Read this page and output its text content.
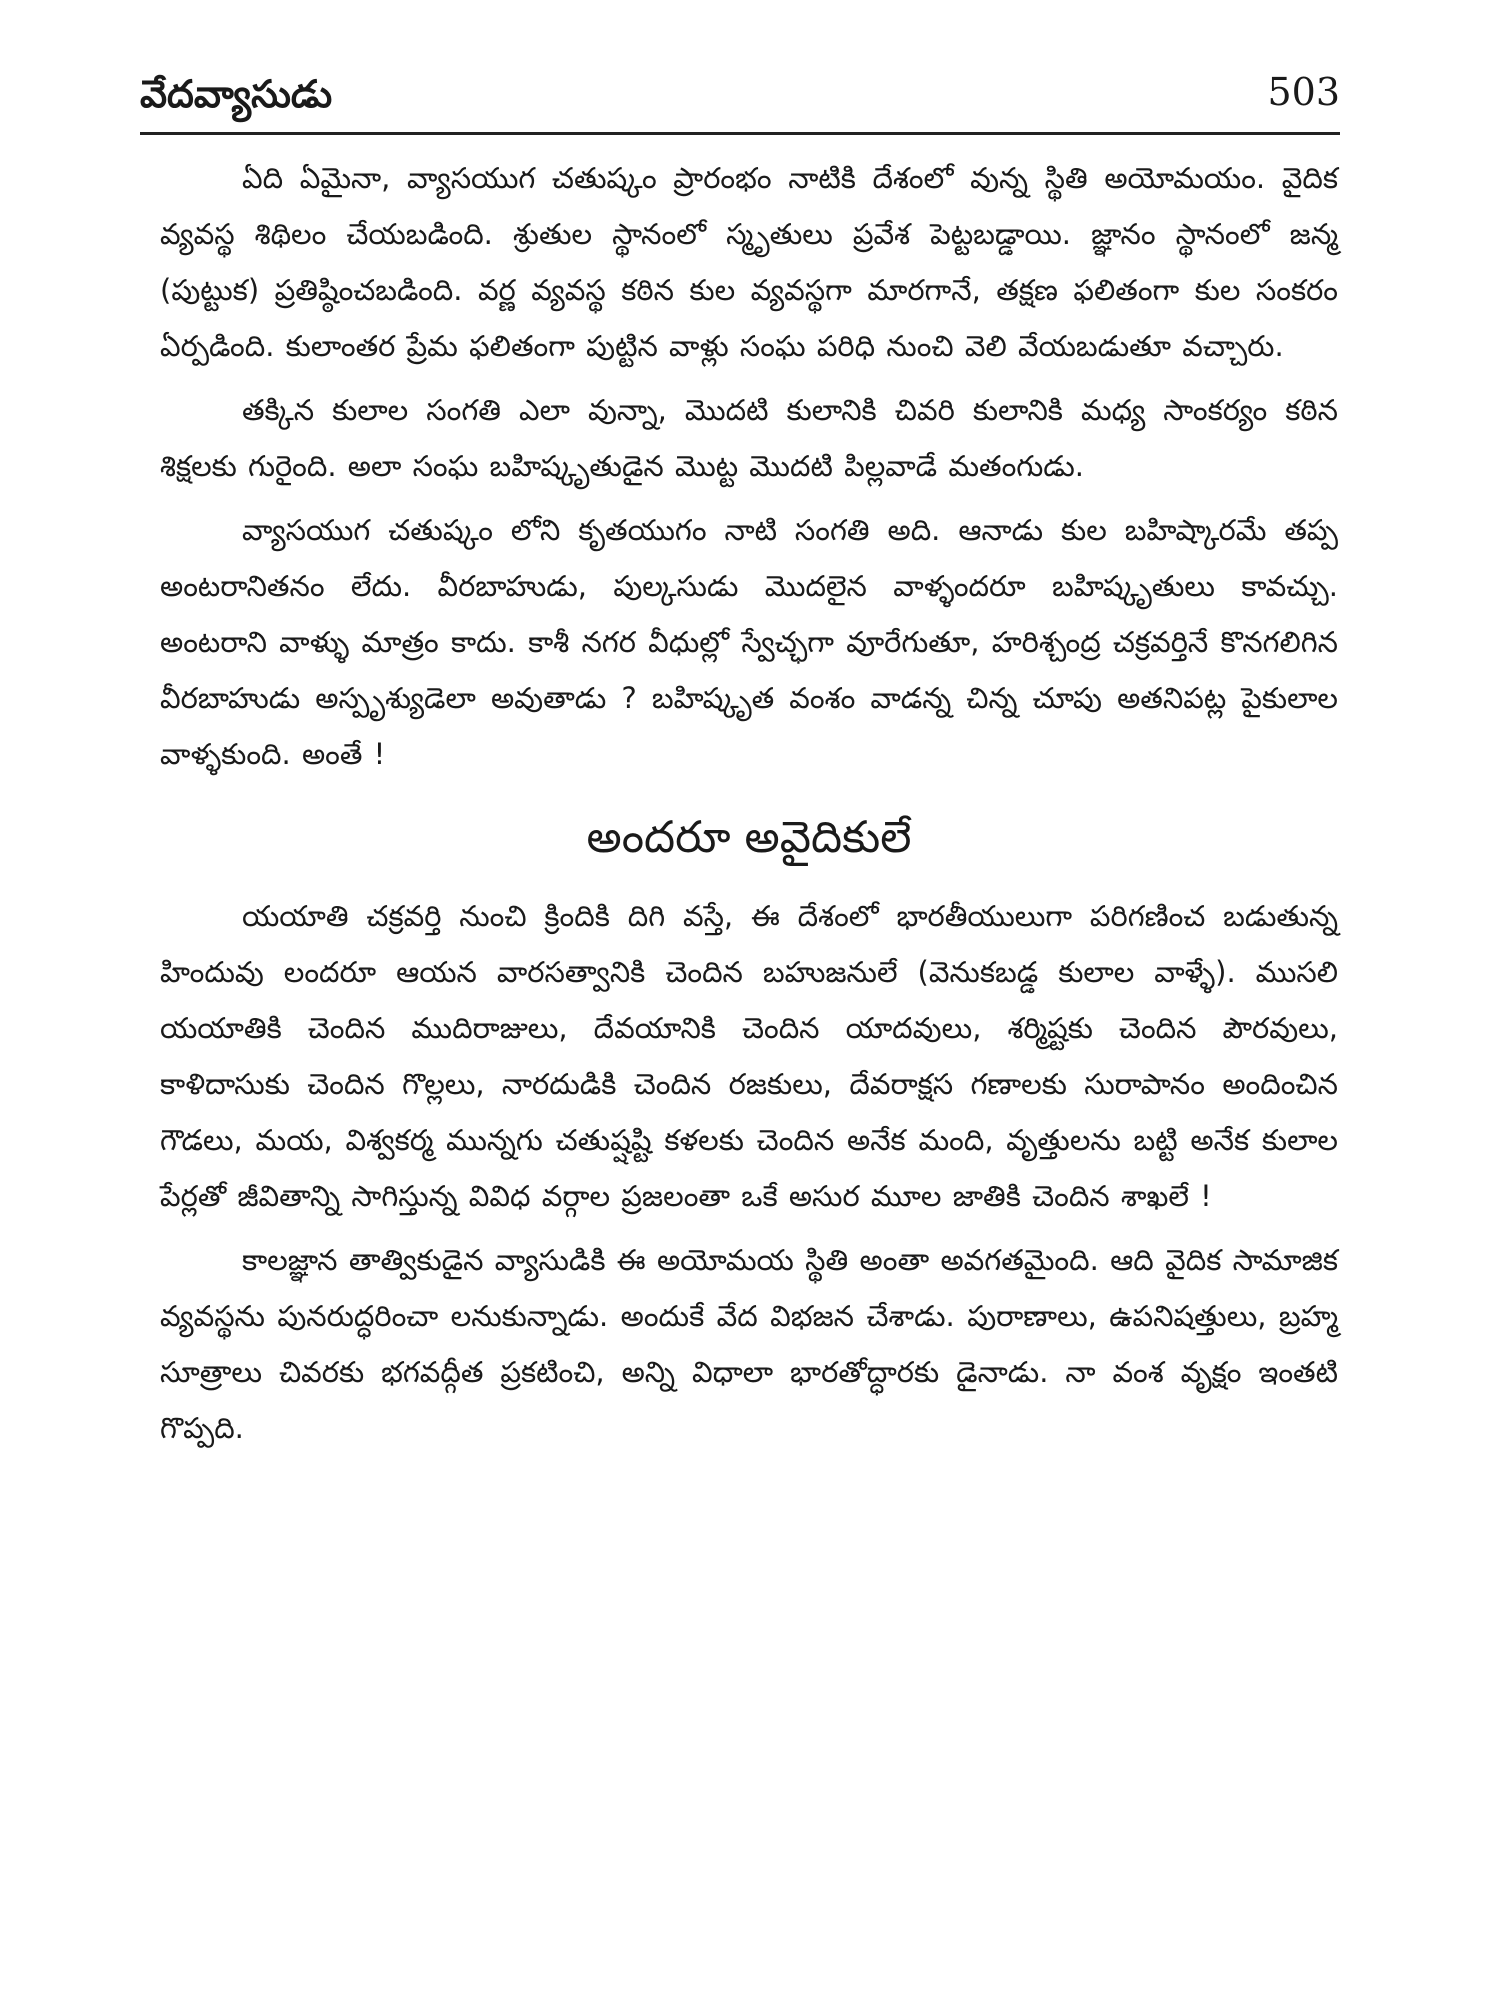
వేదవ్యాసుడు	503

ఏది ఏమైనా, వ్యాసయుగ చతుష్కం ప్రారంభం నాటికి దేశంలో వున్న స్థితి అయోమయం. వైదిక వ్యవస్థ శిథిలం చేయబడింది. శ్రుతుల స్థానంలో స్మృతులు ప్రవేశ పెట్టబడ్డాయి. జ్ఞానం స్థానంలో జన్మ (పుట్టుక) ప్రతిష్ఠించబడింది. వర్ణ వ్యవస్థ కఠిన కుల వ్యవస్థగా మారగానే, తక్షణ ఫలితంగా కుల సంకరం ఏర్పడింది. కులాంతర ప్రేమ ఫలితంగా పుట్టిన వాళ్లు సంఘ పరిధి నుంచి వెలి వేయబడుతూ వచ్చారు.

తక్కిన కులాల సంగతి ఎలా వున్నా, మొదటి కులానికి చివరి కులానికి మధ్య సాంకర్యం కఠిన శిక్షలకు గురైంది. అలా సంఘ బహిష్కృతుడైన మొట్ట మొదటి పిల్లవాడే మతంగుడు.

వ్యాసయుగ చతుష్కం లోని కృతయుగం నాటి సంగతి అది. ఆనాడు కుల బహిష్కారమే తప్ప అంటరానితనం లేదు. వీరబాహుడు, పుల్కసుడు మొదలైన వాళ్ళందరూ బహిష్కృతులు కావచ్చు. అంటరాని వాళ్ళు మాత్రం కాదు. కాశీ నగర వీధుల్లో స్వేచ్ఛగా వూరేగుతూ, హరిశ్చంద్ర చక్రవర్తినే కొనగలిగిన వీరబాహుడు అస్పృశ్యుడెలా అవుతాడు ? బహిష్కృత వంశం వాడన్న చిన్న చూపు అతనిపట్ల పైకులాల వాళ్ళకుంది. అంతే !

అందరూ అవైదికులే

యయాతి చక్రవర్తి నుంచి క్రిందికి దిగి వస్తే, ఈ దేశంలో భారతీయులుగా పరిగణించ బడుతున్న హిందువు లందరూ ఆయన వారసత్వానికి చెందిన బహుజనులే (వెనుకబడ్డ కులాల వాళ్ళే). ముసలి యయాతికి చెందిన ముదిరాజులు, దేవయానికి చెందిన యాదవులు, శర్మిష్టకు చెందిన పౌరవులు, కాళిదాసుకు చెందిన గొల్లలు, నారదుడికి చెందిన రజకులు, దేవరాక్షస గణాలకు సురాపానం అందించిన గౌడలు, మయ, విశ్వకర్మ మున్నగు చతుష్షష్టి కళలకు చెందిన అనేక మంది, వృత్తులను బట్టి అనేక కులాల పేర్లతో జీవితాన్ని సాగిస్తున్న వివిధ వర్గాల ప్రజలంతా ఒకే అసుర మూల జాతికి చెందిన శాఖలే !

కాలజ్ఞాన తాత్వికుడైన వ్యాసుడికి ఈ అయోమయ స్థితి అంతా అవగతమైంది. ఆది వైదిక సామాజిక వ్యవస్థను పునరుద్ధరించా లనుకున్నాడు. అందుకే వేద విభజన చేశాడు. పురాణాలు, ఉపనిషత్తులు, బ్రహ్మ సూత్రాలు చివరకు భగవద్గీత ప్రకటించి, అన్ని విధాలా భారతోద్ధారకు డైనాడు. నా వంశ వృక్షం ఇంతటి గొప్పది.
